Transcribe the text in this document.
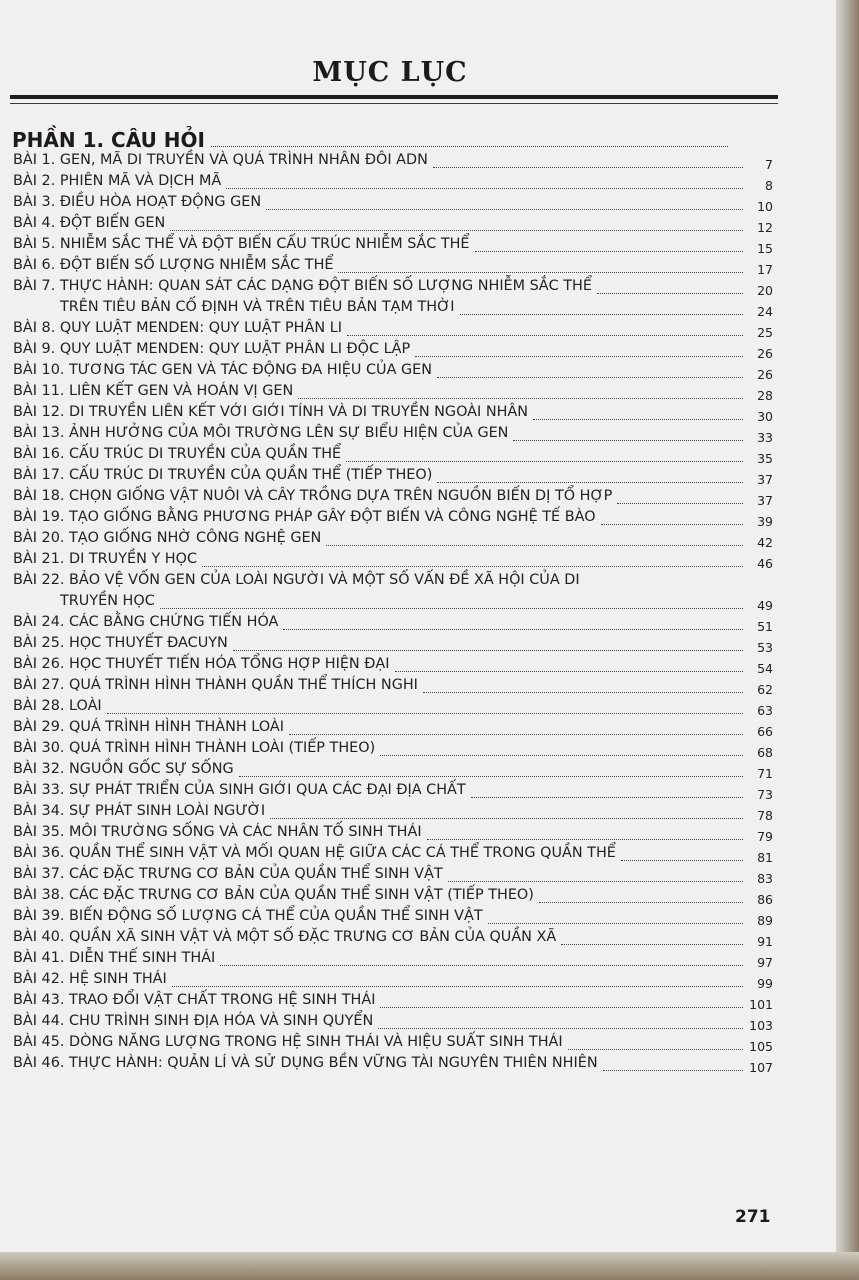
MỤC LỤC
PHẦN 1. CÂU HỎI
BÀI 1. GEN, MÃ DI TRUYỀN VÀ QUÁ TRÌNH NHÂN ĐÔI ADN	7
BÀI 2. PHIÊN MÃ VÀ DỊCH MÃ	8
BÀI 3. ĐIỀU HÒA HOẠT ĐỘNG GEN	10
BÀI 4. ĐỘT BIẾN GEN	12
BÀI 5. NHIỄM SẮC THỂ VÀ ĐỘT BIẾN CẤU TRÚC NHIỄM SẮC THỂ	15
BÀI 6. ĐỘT BIẾN SỐ LƯỢNG NHIỄM SẮC THỂ	17
BÀI 7. THỰC HÀNH: QUAN SÁT CÁC DẠNG ĐỘT BIẾN SỐ LƯỢNG NHIỄM SẮC THỂ	20
TRÊN TIÊU BẢN CỐ ĐỊNH VÀ TRÊN TIÊU BẢN TẠM THỜI	24
BÀI 8. QUY LUẬT MENDEN: QUY LUẬT PHÂN LI	25
BÀI 9. QUY LUẬT MENDEN: QUY LUẬT PHÂN LI ĐỘC LẬP	26
BÀI 10. TƯƠNG TÁC GEN VÀ TÁC ĐỘNG ĐA HIỆU CỦA GEN	26
BÀI 11. LIÊN KẾT GEN VÀ HOÁN VỊ GEN	28
BÀI 12. DI TRUYỀN LIÊN KẾT VỚI GIỚI TÍNH VÀ DI TRUYỀN NGOÀI NHÂN	30
BÀI 13. ẢNH HƯỞNG CỦA MÔI TRƯỜNG LÊN SỰ BIỂU HIỆN CỦA GEN	33
BÀI 16. CẤU TRÚC DI TRUYỀN CỦA QUẦN THỂ	35
BÀI 17. CẤU TRÚC DI TRUYỀN CỦA QUẦN THỂ (TIẾP THEO)	37
BÀI 18. CHỌN GIỐNG VẬT NUÔI VÀ CÂY TRỒNG DỰA TRÊN NGUỒN BIẾN DỊ TỔ HỢP	37
BÀI 19. TẠO GIỐNG BẰNG PHƯƠNG PHÁP GÂY ĐỘT BIẾN VÀ CÔNG NGHỆ TẾ BÀO	39
BÀI 20. TẠO GIỐNG NHỜ CÔNG NGHỆ GEN	42
BÀI 21. DI TRUYỀN Y HỌC	46
BÀI 22. BẢO VỆ VỐN GEN CỦA LOÀI NGƯỜI VÀ MỘT SỐ VẤN ĐỀ XÃ HỘI CỦA DI
TRUYỀN HỌC	49
BÀI 24. CÁC BẰNG CHỨNG TIẾN HÓA	51
BÀI 25. HỌC THUYẾT ĐACUYN	53
BÀI 26. HỌC THUYẾT TIẾN HÓA TỔNG HỢP HIỆN ĐẠI	54
BÀI 27. QUÁ TRÌNH HÌNH THÀNH QUẦN THỂ THÍCH NGHI	62
BÀI 28. LOÀI	63
BÀI 29. QUÁ TRÌNH HÌNH THÀNH LOÀI	66
BÀI 30. QUÁ TRÌNH HÌNH THÀNH LOÀI (TIẾP THEO)	68
BÀI 32. NGUỒN GỐC SỰ SỐNG	71
BÀI 33. SỰ PHÁT TRIỂN CỦA SINH GIỚI QUA CÁC ĐẠI ĐỊA CHẤT	73
BÀI 34. SỰ PHÁT SINH LOÀI NGƯỜI	78
BÀI 35. MÔI TRƯỜNG SỐNG VÀ CÁC NHÂN TỐ SINH THÁI	79
BÀI 36. QUẦN THỂ SINH VẬT VÀ MỐI QUAN HỆ GIỮA CÁC CÁ THỂ TRONG QUẦN THỂ	81
BÀI 37. CÁC ĐẶC TRƯNG CƠ BẢN CỦA QUẦN THỂ SINH VẬT	83
BÀI 38. CÁC ĐẶC TRƯNG CƠ BẢN CỦA QUẦN THỂ SINH VẬT (TIẾP THEO)	86
BÀI 39. BIẾN ĐỘNG SỐ LƯỢNG CÁ THỂ CỦA QUẦN THỂ SINH VẬT	89
BÀI 40. QUẦN XÃ SINH VẬT VÀ MỘT SỐ ĐẶC TRƯNG CƠ BẢN CỦA QUẦN XÃ	91
BÀI 41. DIỄN THẾ SINH THÁI	97
BÀI 42. HỆ SINH THÁI	99
BÀI 43. TRAO ĐỔI VẬT CHẤT TRONG HỆ SINH THÁI	101
BÀI 44. CHU TRÌNH SINH ĐỊA HÓA VÀ SINH QUYỂN	103
BÀI 45. DÒNG NĂNG LƯỢNG TRONG HỆ SINH THÁI VÀ HIỆU SUẤT SINH THÁI	105
BÀI 46. THỰC HÀNH: QUẢN LÍ VÀ SỬ DỤNG BỀN VỮNG TÀI NGUYÊN THIÊN NHIÊN	107
271
